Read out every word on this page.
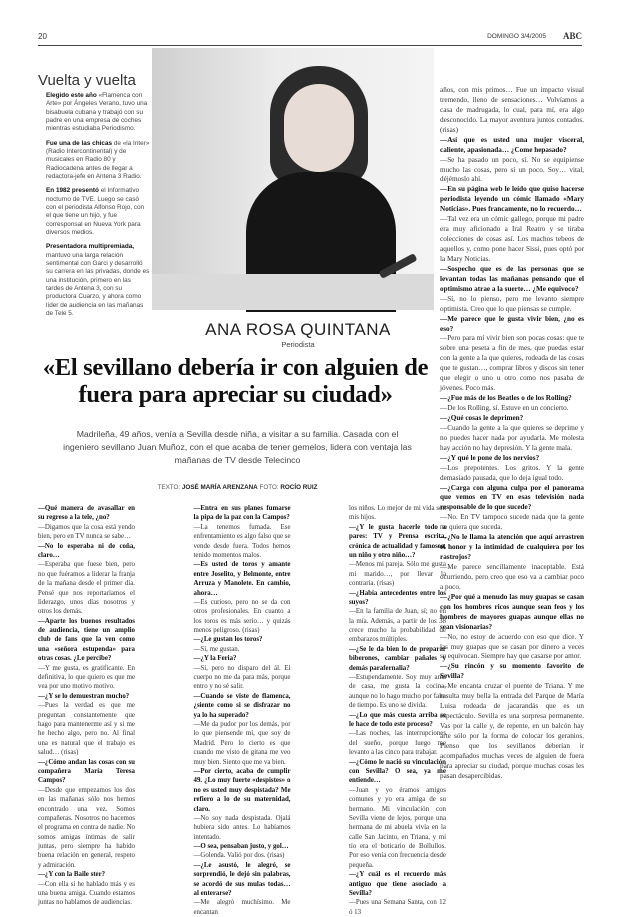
20	DOMINGO 3/4/2005 ABC
Vuelta y vuelta

Elegido este año «Flamenca con Arte» por Ángeles Verano, tuvo una bisabuela cubana y trabajó con su padre en una empresa de coches mientras estudiaba Periodismo.

Fue una de las chicas de «la Inter» (Radio Intercontinental) y de musicales en Radio 80 y Radiocadena antes de llegar a redactora-jefe en Antena 3 Radio.

En 1982 presentó el Informativo nocturno de TVE. Luego se casó con el periodista Alfonso Rojo, con el que tiene un hijo, y fue corresponsal en Nueva York para diversos medios.

Presentadora multipremiada, mantuvo una larga relación sentimental con Garci y desarrolló su carrera en las privadas, donde es una institución, primero en las tardes de Antena 3, con su productora Cuarzo, y ahora como líder de audiencia en las mañanas de Tele 5.

años, con mis primos… Fue un impacto visual tremendo, lleno de sensaciones… Volvíamos a casa de madrugada, lo cual, para mí, era algo desconocido. La mayor aventura juntos contados. (risas)

—Así que es usted una mujer visceral, caliente, apasionada… ¿Come hepasado?

—Se ha pasado un poco, sí. No se equipiense mucho las cosas, pero sí un poco. Soy… vital, déjémoslo ahí.

—En su página web le leído que quiso hacerse periodista leyendo un cómic llamado «Mary Noticias». Pues francamente, no lo recuerdo…

—Tal vez era un cómic gallego, porque mi padre era muy aficionado a Iral Reatro y se tiraba colecciones de cosas así. Los machos tebeos de aquellos y, como pone hacer Sissi, pues optó por la Mary Noticias.

—Sospecho que es de las personas que se levantan todas las mañanas pensando que el optimismo atrae a la suerte… ¿Me equivoco?

—Sí, no lo pienso, pero me levanto siempre optimista. Creo que lo que piensas se cumple.

—Me parece que le gusta vivir bien, ¿no es eso?

—Pero para mí vivir bien son pocas cosas: que te sobre una peseta a fin de mes, que puedas estar con la gente a la que quieres, rodeada de las cosas que te gustan…, comprar libros y discos sin tener que elegir o uno u otro como nos pasaba de jóvenes. Poco más.

—¿Fue más de los Beatles o de los Rolling?

—De los Rolling, sí. Estuve en un concierto.

—¿Qué cosas le deprimen?

—Cuando la gente a la que quieres se deprime y no puedes hacer nada por ayudarla. Me molesta hay acción no hay depresión. Y la gente mala.

—¿Y qué le pone de los nervios?

—Los prepotentes. Los gritos. Y la gente demasiado pausada, que lo deja igual todo.

—¿Carga con alguna culpa por el panorama que vemos en TV en esas televisión nada responsable de lo que sucede?

—No. En TV tampoco sucede nada que la gente no quiera que suceda.

—¿No le llama la atención que aquí arrastren el honor y la intimidad de cualquiera por los rastrojos?

—Me parece sencillamente inaceptable. Está ocurriendo, pero creo que eso va a cambiar poco a poco.

—¿Por qué a menudo las muy guapas se casan con los hombres ricos aunque sean feos y los hombres de mayores guapas aunque ellas no sean visionarias?

—No, no estoy de acuerdo con eso que dice. Y las muy guapas que se casan por dinero a veces se equivocan. Siempre hay que casarse por amor.

—¿Su rincón y su momento favorito de Sevilla?

—Me encanta cruzar el puente de Triana. Y me resulta muy bella la entrada del Parque de María Luisa rodeada de jacarandás que es un espectáculo. Sevilla es una sorpresa permanente. Vas por la calle y, de repente, en un balcón hay arte sólo por la forma de colocar los geranios. Pienso que los sevillanos deberían ir acompañados muchas veces de alguien de fuera para apreciar su ciudad, porque muchas cosas les pasan desapercibidas.

ANA ROSA QUINTANA
Periodista
«El sevillano debería ir con alguien de fuera para apreciar su ciudad»
Madrileña, 49 años, venía a Sevilla desde niña, a visitar a su familia. Casada con el ingeniero sevillano Juan Muñoz, con el que acaba de tener gemelos, lidera con ventaja las mañanas de TV desde Telecinco
TEXTO: JOSÉ MARÍA ARENZANA FOTO: ROCÍO RUIZ

—Qué manera de avasallar en su regreso a la tele, ¿no?

—Digamos que la cosa está yendo bien, pero en TV nunca se sabe…

—No lo esperaba ni de coña, claro…

—Esperaba que fuese bien, pero no que fuéramos a liderar la franja de la mañana desde el primer día. Pensé que nos reportaríamos el liderazgo, unos días nosotros y otros los demás.

—Aparte los buenos resultados de audiencia, tiene un amplio club de fans que la ven como una «señora estupenda» para otras cosas. ¿Le percibe?

—Y me gusta, es gratificante. En definitiva, lo que quiero es que me vea por uno motivo motivo.

—¿Y se lo demuestran mucho?

—Pues la verdad es que me preguntan constantemente que hago para mantenerme así y si me he hecho algo, pero no. Al final una es natural que el trabajo es salud… (risas)

—¿Cómo andan las cosas con su compañera María Teresa Campos?

—Desde que empezamos los dos en las mañanas sólo nos hemos encontrado una vez. Somos compañeras. Nosotros no hacemos el programa en contra de nadie. No somos amigas íntimas de salir juntas, pero siempre ha habido buena relación en general, respeto y admiración.

—¿Y con la Baile ster?

—Con ella sí he hablado más y es una buena amiga. Cuando estamos juntas no hablamos de audiencias.

—Entra en sus planes fumarse la pipa de la paz con la Campos?

—La tenemos fumada. Ese enfrentamiento es algo falso que se vende desde fuera. Todos hemos tenido momentos malos.

—Es usted de toros y amante entre Joselito, y Belmonte, entre Arruza y Manolete. En cambio, ahora…

—Es curioso, pero no se da con otros profesionales. En cuanto a los toros es más serio… y quizás menos peligroso. (risas)

—¿Le gustan los toros?

—Sí, me gustan.

—¿Y la Feria?

—Sí, pero no disparo del ál. El cuerpo no me da para más, porque entro y no sé salir.

—Cuando se viste de flamenca, ¿siente como si se disfrazar no ya lo ha superado?

—Me da pudor por los demás, por lo que piensende mí, que soy de Madrid. Pero lo cierto es que cuando me visto de gitana me veo muy bien. Siento que me va bien.

—Por cierto, acaba de cumplir 49. ¿Lo muy fuerte «despistes» o no es usted muy despistada? Me refiero a lo de su maternidad, claro.

—No soy nada despistada. Ojalá hubiera sido antes. Lo habíamos intentado.

—O sea, pensaban justo, y gol…

—Golenda. Valió por dos. (risas)

—¿Le asustó, le alegró, se sorprendió, le dejó sin palabras, se acordó de sus mulas todas… al enterarse?

—Me alegró muchísimo. Me encantan

los niños. Lo mejor de mi vida son mis hijos.

—¿Y le gusta hacerle todo a pares: TV y Prensa escrita, crónica de actualidad y famoseo, un niño y otro niño…?

—Menos mi pareja. Sólo me gusta mi marido…, por llevar la contraria. (risas)

—¿Había antecedentes entre los suyos?

—En la familia de Juan, sí; no en la mía. Además, a partir de los 38 crece mucho la probabilidad de embarazos múltiples.

—¿Se le da bien lo de preparar biberones, cambiar pañales y demás parafernalia?

—Estupendamente. Soy muy ama de casa, me gusta la cocina, aunque no lo hago mucho por falta de tiempo. Es uno se divida.

—¿Lo que más cuesta arriba se le hace de todo este proceso?

—Las noches, las interrupciones del sueño, porque luego me levanto a las cinco para trabajar.

—¿Cómo le nació su vinculación con Sevilla? O sea, ya me entiende…

—Juan y yo éramos amigos comunes y yo era amiga de su hermano. Mi vinculación con Sevilla viene de lejos, porque una hermana de mi abuela vivía en la calle San Jacinto, en Triana, y mi tío era el boticario de Bollullos. Por eso venía con frecuencia desde pequeña.

—¿Y cuál es el recuerdo más antiguo que tiene asociado a Sevilla?

—Pues una Semana Santa, con 12 ó 13
